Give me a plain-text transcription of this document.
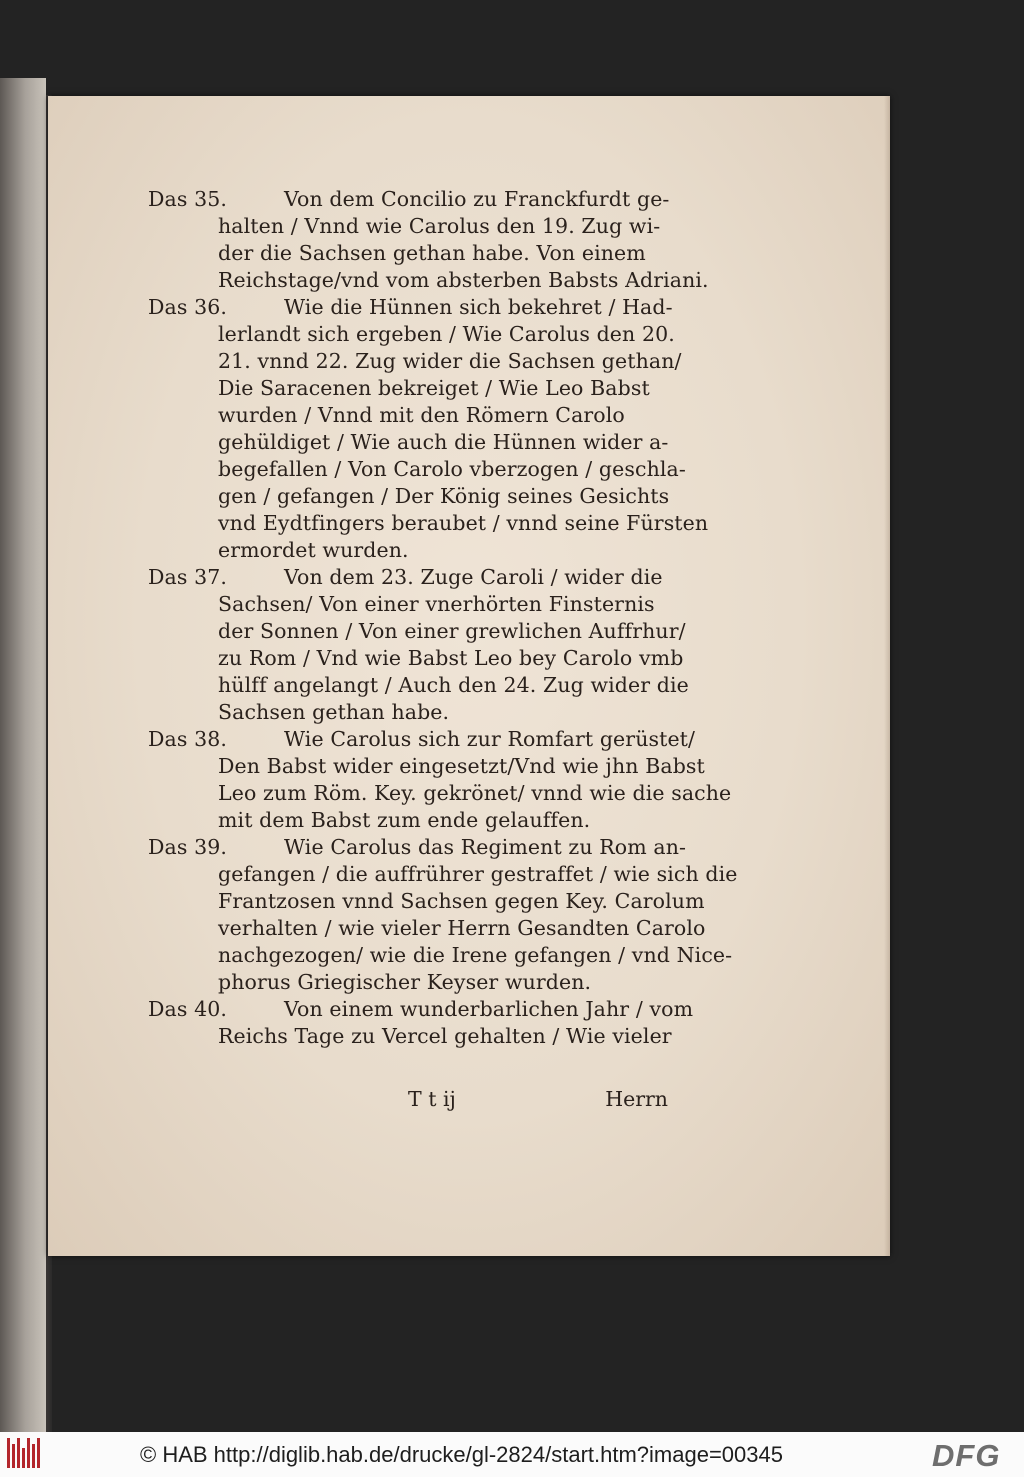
Das 35.	Von dem Concilio zu Franckfurdt ge-
halten / Vnnd wie Carolus den 19. Zug wi-
der die Sachsen gethan habe. Von einem
Reichstage/vnd vom absterben Babsts Adriani.
Das 36.	Wie die Hünnen sich bekehret / Had-
lerlandt sich ergeben / Wie Carolus den 20.
21. vnnd 22. Zug wider die Sachsen gethan/
Die Saracenen bekreiget / Wie Leo Babst
wurden / Vnnd mit den Römern Carolo
gehüldiget / Wie auch die Hünnen wider a-
begefallen / Von Carolo vberzogen / geschla-
gen / gefangen / Der König seines Gesichts
vnd Eydtfingers beraubet / vnnd seine Fürsten
ermordet wurden.
Das 37.	Von dem 23. Zuge Caroli / wider die
Sachsen/ Von einer vnerhörten Finsternis
der Sonnen / Von einer grewlichen Auffrhur/
zu Rom / Vnd wie Babst Leo bey Carolo vmb
hülff angelangt / Auch den 24. Zug wider die
Sachsen gethan habe.
Das 38.	Wie Carolus sich zur Romfart gerüstet/
Den Babst wider eingesetzt/Vnd wie jhn Babst
Leo zum Röm. Key. gekrönet/ vnnd wie die sache
mit dem Babst zum ende gelauffen.
Das 39.	Wie Carolus das Regiment zu Rom an-
gefangen / die auffrührer gestraffet / wie sich die
Frantzosen vnnd Sachsen gegen Key. Carolum
verhalten / wie vieler Herrn Gesandten Carolo
nachgezogen/ wie die Irene gefangen / vnd Nice-
phorus Griegischer Keyser wurden.
Das 40.	Von einem wunderbarlichen Jahr / vom
Reichs Tage zu Vercel gehalten / Wie vieler
T t ij	Herrn
© HAB http://diglib.hab.de/drucke/gl-2824/start.htm?image=00345	DFG
